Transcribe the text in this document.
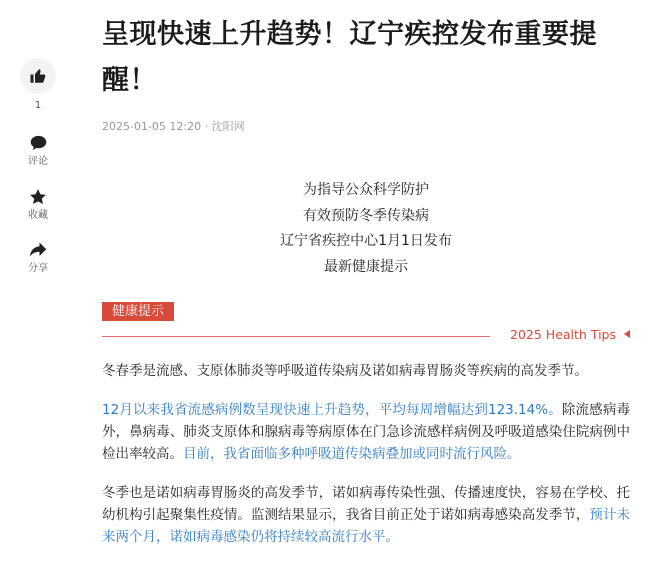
1
评论
收藏
分享
呈现快速上升趋势！辽宁疾控发布重要提醒！
2025-01-05 12:20 · 沈阳网
为指导公众科学防护
有效预防冬季传染病
辽宁省疾控中心1月1日发布
最新健康提示
健康提示
2025 Health Tips

冬春季是流感、支原体肺炎等呼吸道传染病及诺如病毒胃肠炎等疾病的高发季节。

12月以来我省流感病例数呈现快速上升趋势，平均每周增幅达到123.14%。除流感病毒外，鼻病毒、肺炎支原体和腺病毒等病原体在门急诊流感样病例及呼吸道感染住院病例中检出率较高。目前，我省面临多种呼吸道传染病叠加或同时流行风险。

冬季也是诺如病毒胃肠炎的高发季节，诺如病毒传染性强、传播速度快，容易在学校、托幼机构引起聚集性疫情。监测结果显示，我省目前正处于诺如病毒感染高发季节，预计未来两个月，诺如病毒感染仍将持续较高流行水平。
